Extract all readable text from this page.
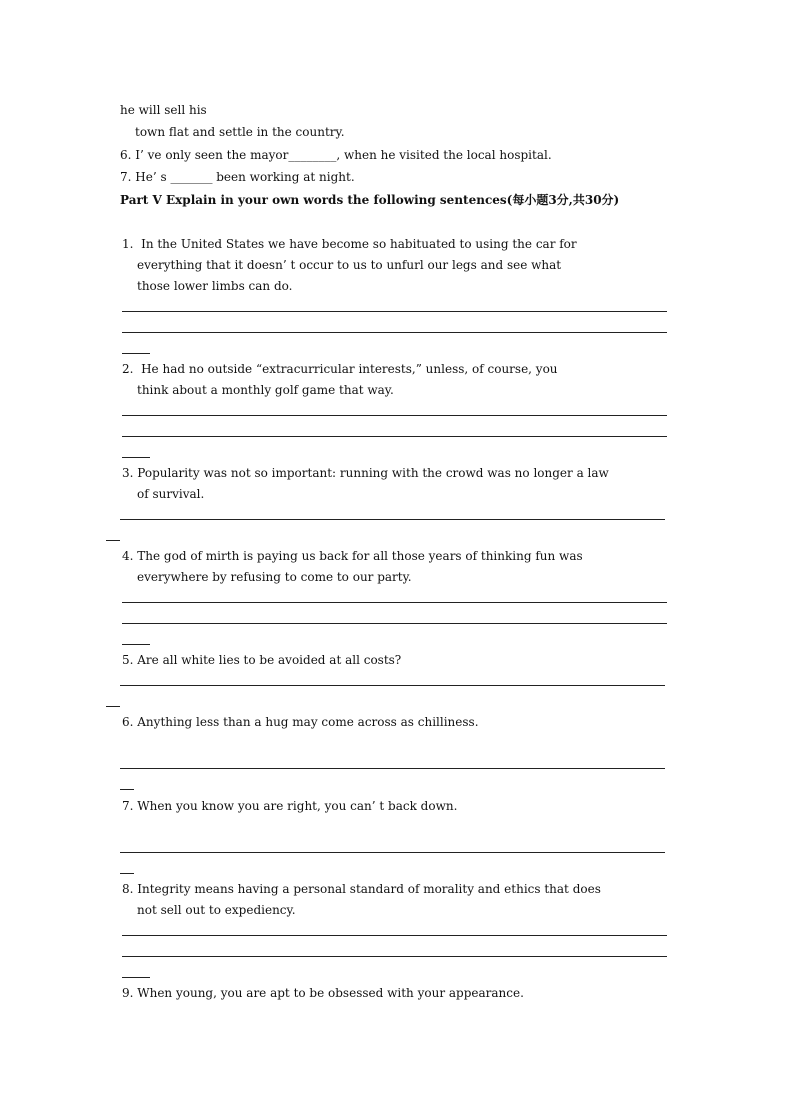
he will sell his
town flat and settle in the country.
6. I’ ve only seen the mayor________, when he visited the local hospital.
7. He’ s _______ been working at night.
Part Ⅴ Explain in your own words the following sentences(每小题3分,共30分)
1.  In the United States we have become so habituated to using the car for
everything that it doesn’ t occur to us to unfurl our legs and see what
those lower limbs can do.
2.  He had no outside “extracurricular interests,” unless, of course, you
think about a monthly golf game that way.
3. Popularity was not so important: running with the crowd was no longer a law
of survival.
4. The god of mirth is paying us back for all those years of thinking fun was
everywhere by refusing to come to our party.
5. Are all white lies to be avoided at all costs?
6. Anything less than a hug may come across as chilliness.
7. When you know you are right, you can’ t back down.
8. Integrity means having a personal standard of morality and ethics that does
not sell out to expediency.
9. When young, you are apt to be obsessed with your appearance.
